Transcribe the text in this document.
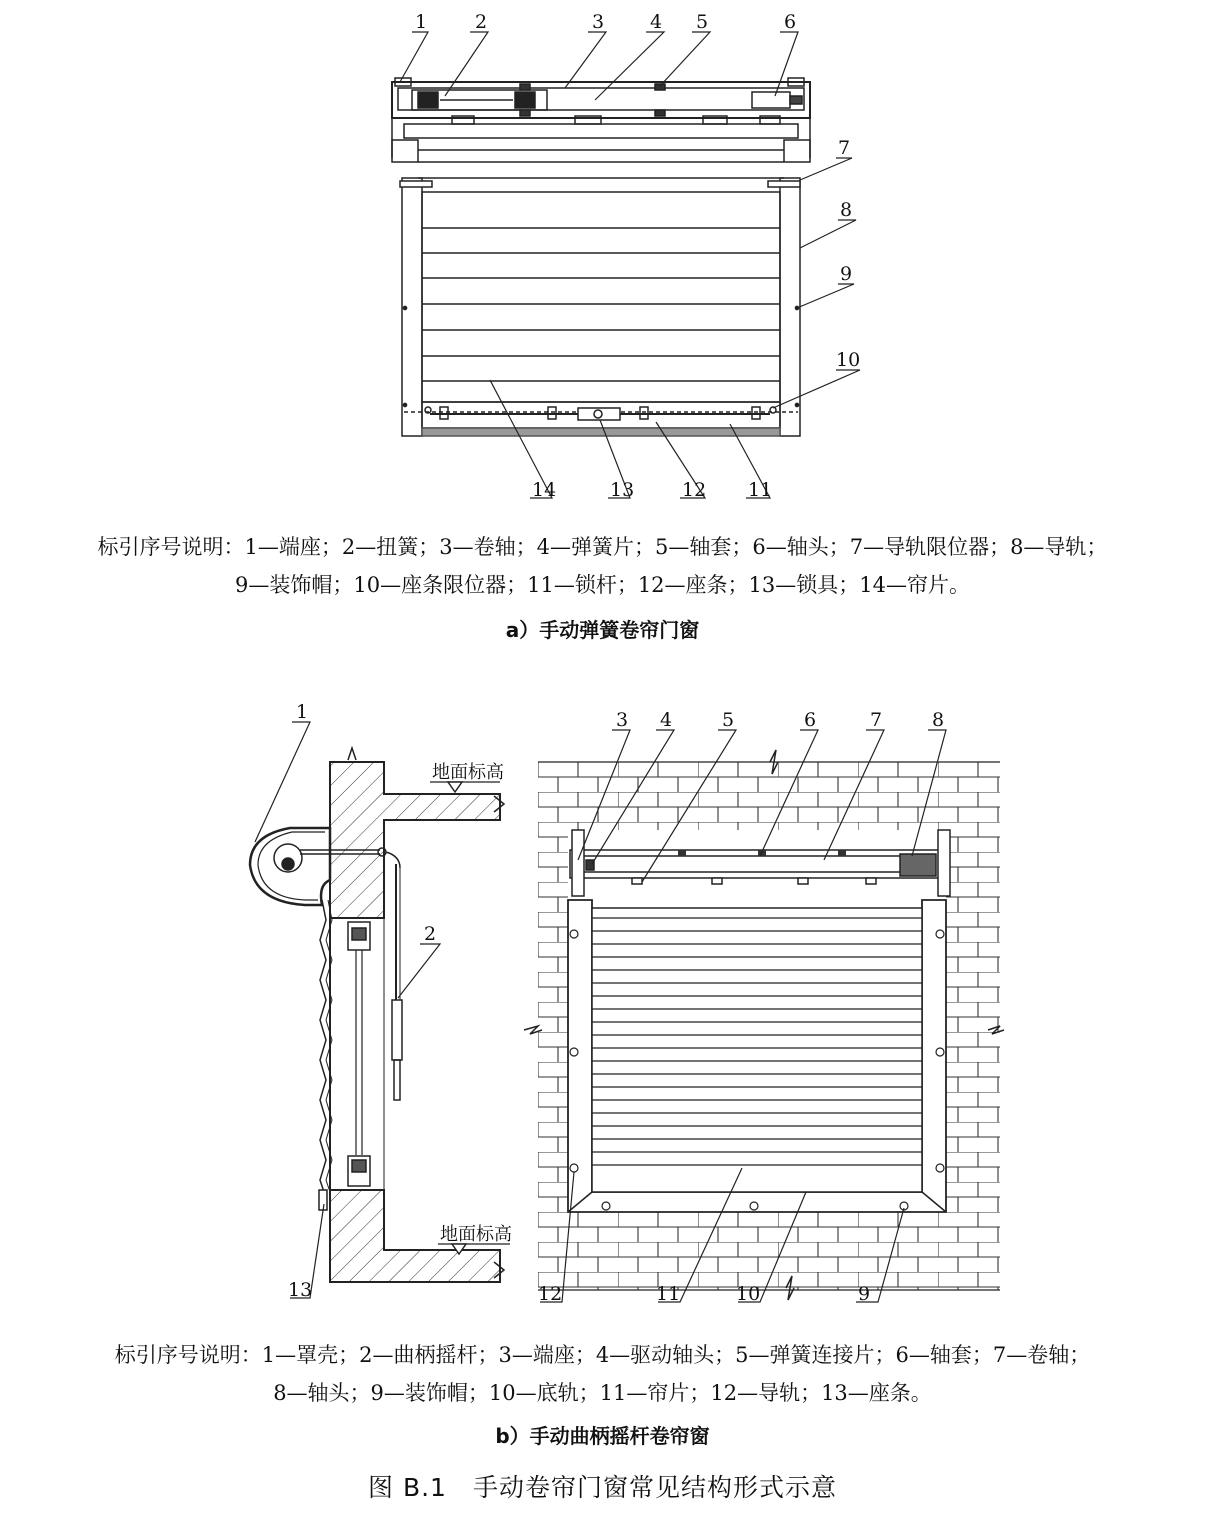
1	2	3 4 5	6
7
8
9
10
11
12
13
14
标引序号说明：1—端座；2—扭簧；3—卷轴；4—弹簧片；5—轴套；6—轴头；7—导轨限位器；8—导轨；
9—装饰帽；10—座条限位器；11—锁杆；12—座条；13—锁具；14—帘片。
a）手动弹簧卷帘门窗
1
2
13
3 4	5	6	7	8
12	11	10	9
地面标高
地面标高
标引序号说明：1—罩壳；2—曲柄摇杆；3—端座；4—驱动轴头；5—弹簧连接片；6—轴套；7—卷轴；
8—轴头；9—装饰帽；10—底轨；11—帘片；12—导轨；13—座条。
b）手动曲柄摇杆卷帘窗
图 B.1　手动卷帘门窗常见结构形式示意
